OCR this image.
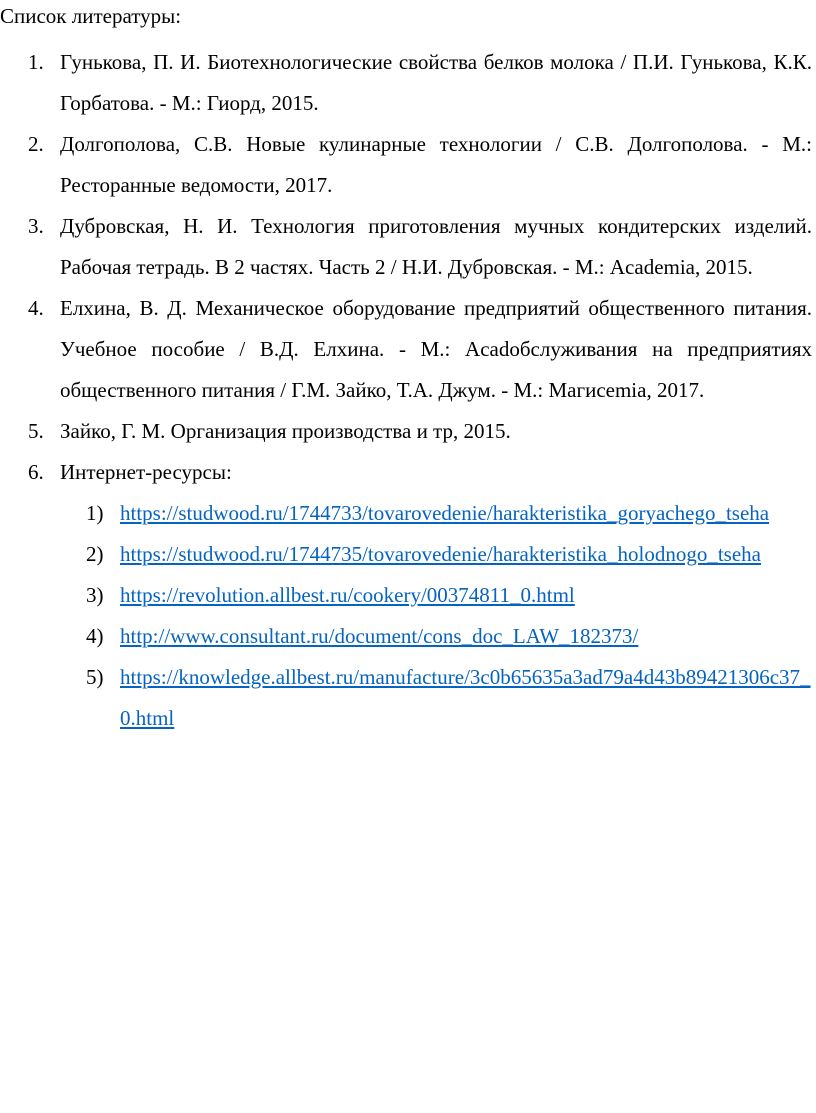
Список литературы:
1. Гунькова, П. И. Биотехнологические свойства белков молока / П.И. Гунькова, К.К. Горбатова. - М.: Гиорд, 2015.
2. Долгополова, С.В. Новые кулинарные технологии / С.В. Долгополова. - М.: Ресторанные ведомости, 2017.
3. Дубровская, Н. И. Технология приготовления мучных кондитерских изделий. Рабочая тетрадь. В 2 частях. Часть 2 / Н.И. Дубровская. - М.: Academia, 2015.
4. Елхина, В. Д. Механическое оборудование предприятий общественного питания. Учебное пособие / В.Д. Елхина. - М.: Acadобслуживания на предприятиях общественного питания / Г.М. Зайко, Т.А. Джум. - М.: Магисemia, 2017.
5. Зайко, Г. М. Организация производства и тр, 2015.
6. Интернет-ресурсы:
1) https://studwood.ru/1744733/tovarovedenie/harakteristika_goryachego_tseha
2) https://studwood.ru/1744735/tovarovedenie/harakteristika_holodnogo_tseha
3) https://revolution.allbest.ru/cookery/00374811_0.html
4) http://www.consultant.ru/document/cons_doc_LAW_182373/
5) https://knowledge.allbest.ru/manufacture/3c0b65635a3ad79a4d43b89421306c37_0.html
